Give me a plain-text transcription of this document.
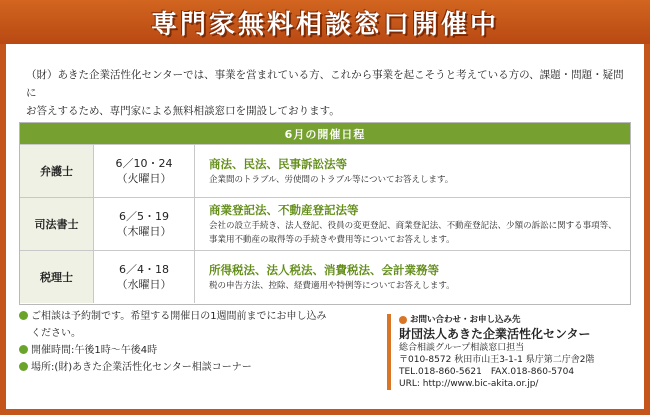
専門家無料相談窓口開催中

（財）あきた企業活性化センターでは、事業を営まれている方、これから事業を起こそうと考えている方の、課題・問題・疑問に

お答えするため、専門家による無料相談窓口を開設しております。

6月の開催日程
弁護士
6／10・24
（火曜日）
商法、民法、民事訴訟法等
企業間のトラブル、労使間のトラブル等についてお答えします。
司法書士
6／5・19
（木曜日）
商業登記法、不動産登記法等
会社の設立手続き、法人登記、役員の変更登記、商業登記法、不動産登記法、少額の訴訟に関する事項等、
事業用不動産の取得等の手続きや費用等についてお答えします。
税理士
6／4・18
（水曜日）
所得税法、法人税法、消費税法、会計業務等
税の申告方法、控除、経費適用や特例等についてお答えします。
ご相談は予約制です。希望する開催日の1週間前までにお申し込み
ください。
開催時間:午後1時～午後4時
場所:(財)あきた企業活性化センター相談コーナー
お問い合わせ・お申し込み先
財団法人あきた企業活性化センター
総合相談グループ相談窓口担当
〒010-8572 秋田市山王3-1-1 県庁第二庁舎2階
TEL.018-860-5621　FAX.018-860-5704
URL: http://www.bic-akita.or.jp/
